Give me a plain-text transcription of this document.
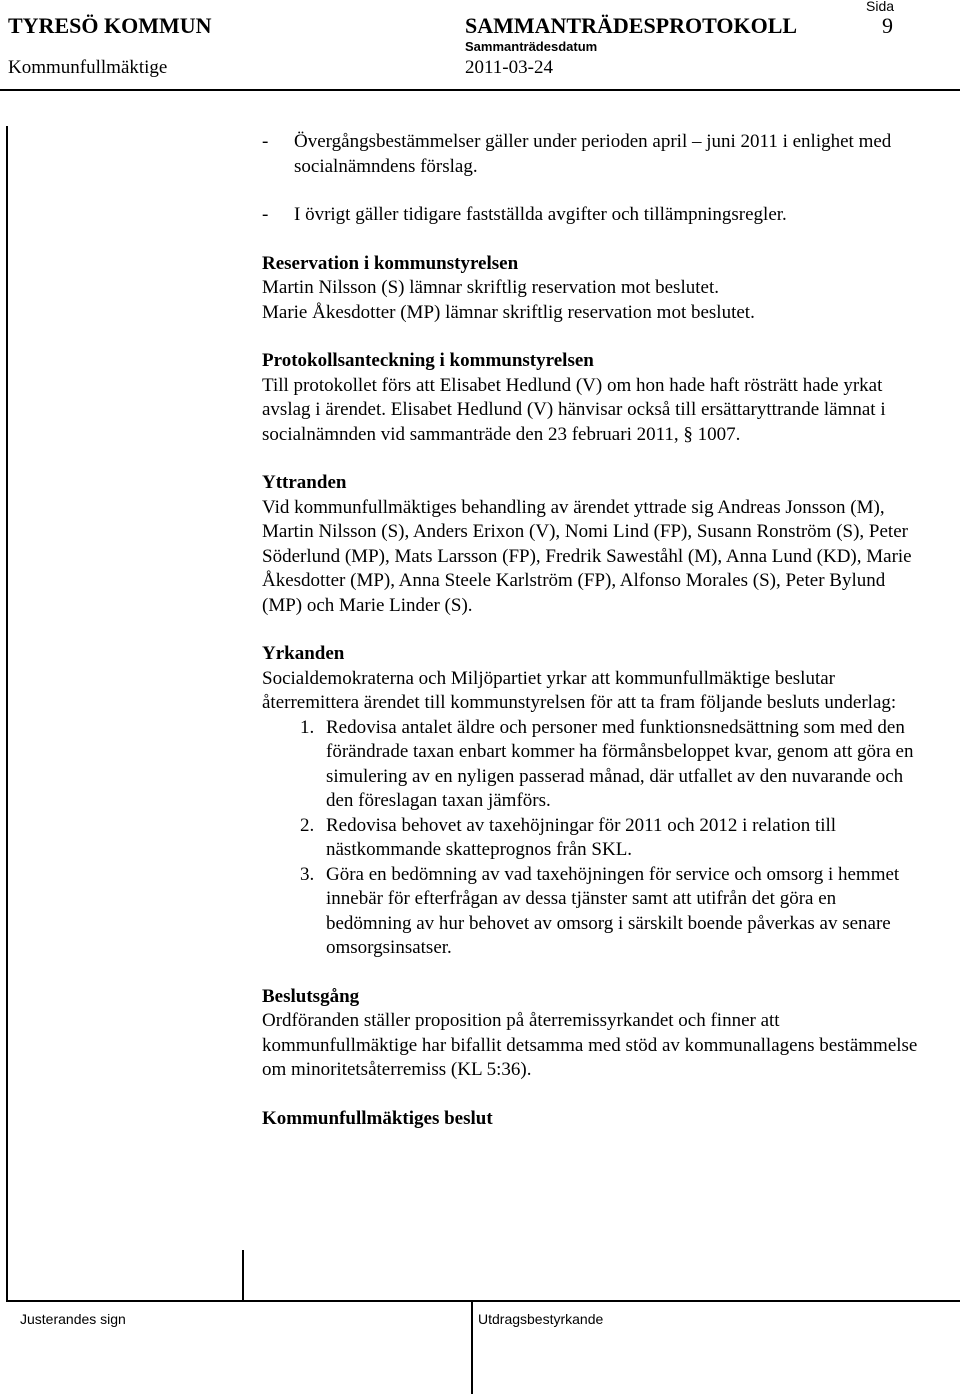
TYRESÖ KOMMUN	SAMMANTRÄDESPROTOKOLL
Sida
9
Sammanträdesdatum
Kommunfullmäktige	2011-03-24
-	Övergångsbestämmelser gäller under perioden april – juni 2011 i enlighet med socialnämndens förslag.
-	I övrigt gäller tidigare fastställda avgifter och tillämpningsregler.

Reservation i kommunstyrelsen

Martin Nilsson (S) lämnar skriftlig reservation mot beslutet.

Marie Åkesdotter (MP) lämnar skriftlig reservation mot beslutet.

Protokollsanteckning i kommunstyrelsen

Till protokollet förs att Elisabet Hedlund (V) om hon hade haft rösträtt hade yrkat avslag i ärendet. Elisabet Hedlund (V) hänvisar också till ersättaryttrande lämnat i socialnämnden vid sammanträde den 23 februari 2011, § 1007.

Yttranden

Vid kommunfullmäktiges behandling av ärendet yttrade sig Andreas Jonsson (M), Martin Nilsson (S), Anders Erixon (V), Nomi Lind (FP), Susann Ronström (S), Peter Söderlund (MP), Mats Larsson (FP), Fredrik Saweståhl (M), Anna Lund (KD), Marie Åkesdotter (MP), Anna Steele Karlström (FP), Alfonso Morales (S), Peter Bylund (MP) och Marie Linder (S).

Yrkanden

Socialdemokraterna och Miljöpartiet yrkar att kommunfullmäktige beslutar återremittera ärendet till kommunstyrelsen för att ta fram följande besluts underlag:

1. Redovisa antalet äldre och personer med funktionsnedsättning som med den förändrade taxan enbart kommer ha förmånsbeloppet kvar, genom att göra en simulering av en nyligen passerad månad, där utfallet av den nuvarande och den föreslagan taxan jämförs.
2. Redovisa behovet av taxehöjningar för 2011 och 2012 i relation till nästkommande skatteprognos från SKL.
3. Göra en bedömning av vad taxehöjningen för service och omsorg i hemmet innebär för efterfrågan av dessa tjänster samt att utifrån det göra en bedömning av hur behovet av omsorg i särskilt boende påverkas av senare omsorgsinsatser.

Beslutsgång

Ordföranden ställer proposition på återremissyrkandet och finner att kommunfullmäktige har bifallit detsamma med stöd av kommunallagens bestämmelse om minoritetsåterremiss (KL 5:36).

Kommunfullmäktiges beslut

Justerandes sign	Utdragsbestyrkande
